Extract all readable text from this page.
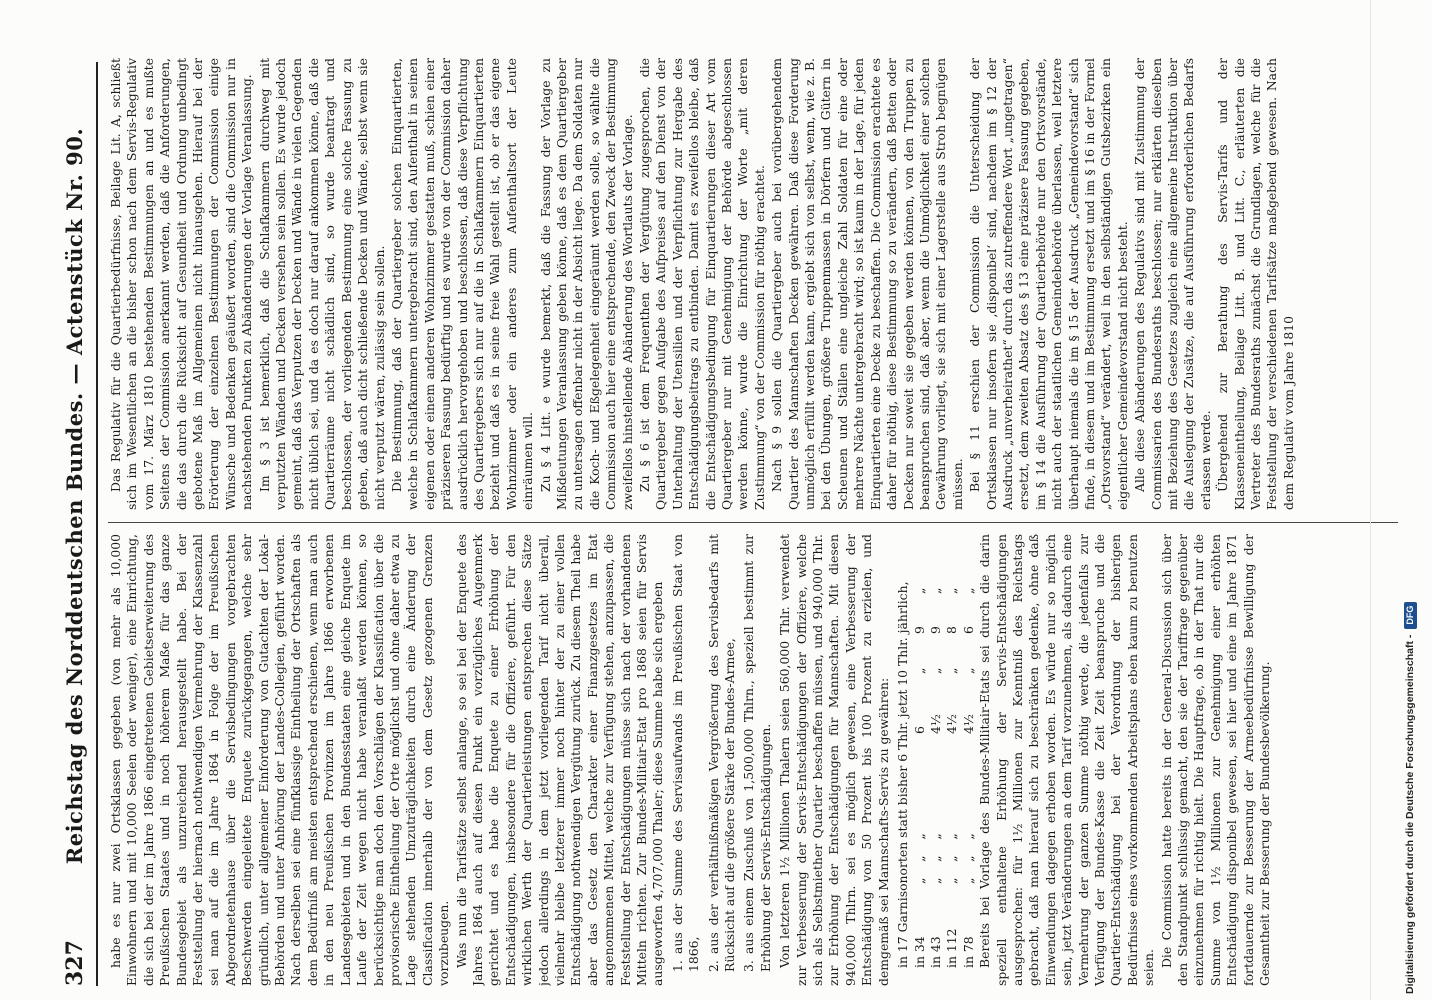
327
Reichstag des Norddeutschen Bundes. — Actenstück Nr. 90. habe es nur zwei Ortsklassen gegeben (von mehr als 10,000 Einwohnern und mit 10,000 Seelen oder weniger), eine Einrichtung, die sich bei der im Jahre 1866 eingetretenen Gebietserweiterung des Preußischen Staates und in noch höherem Maße für das ganze Bundesgebiet als unzureichend herausgestellt habe. Bei der Feststellung der hiernach nothwendigen Vermehrung der Klassenzahl sei man auf die im Jahre 1864 in Folge der im Preußischen Abgeordnetenhause über die Servisbedingungen vorgebrachten Beschwerden eingeleitete Enquete zurückgegangen, welche sehr gründlich, unter allgemeiner Einforderung von Gutachten der Lokal-Behörden und unter Anhörung der Landes-Collegien, geführt worden. Nach derselben sei eine fünfklassige Eintheilung der Ortschaften als dem Bedürfniß am meisten entsprechend erschienen, wenn man auch in den neu Preußischen Provinzen im Jahre 1866 erworbenen Landesgebieten und in den Bundesstaaten eine gleiche Enquete im Laufe der Zeit wegen nicht habe veranlaßt werden können, so berücksichtige man doch den Vorschlägen der Klassification über die provisorische Eintheilung der Orte möglichst und ohne daher etwa zu Lage stehenden Umzuträglichkeiten durch eine Änderung der Classification innerhalb der von dem Gesetz gezogenen Grenzen vorzubeugen. Was nun die Tarifsätze selbst anlange, so sei bei der Enquete des Jahres 1864 auch auf diesen Punkt ein vorzügliches Augenmerk gerichtet und es habe die Enquete zu einer Erhöhung der Entschädigungen, insbesondere für die Offiziere, geführt. Für den wirklichen Werth der Quartierleistungen entsprechen diese Sätze jedoch allerdings in dem jetzt vorliegenden Tarif nicht überall, vielmehr bleibe letzterer immer noch hinter der zu einer vollen Entschädigung nothwendigen Vergütung zurück. Zu diesem Theil habe aber das Gesetz den Charakter einer Finanzgesetzes im Etat angenommenen Mittel, welche zur Verfügung stehen, anzupassen, die Feststellung der Entschädigungen müsse sich nach der vorhandenen Mitteln richten. Zur Bundes-Militair-Etat pro 1868 seien für Servis ausgeworfen 4,707,000 Thaler; diese Summe habe sich ergeben 1.aus der Summe des Servisaufwands im Preußischen Staat von 1866, 2.aus der verhältnißmäßigen Vergrößerung des Servisbedarfs mit Rücksicht auf die größere Stärke der Bundes-Armee, 3.aus einem Zuschuß von 1,500,000 Thlrn., speziell bestimmt zur Erhöhung der Servis-Entschädigungen. Von letzteren 1½ Millionen Thalern seien 560,000 Thlr. verwendet zur Verbesserung der Servis-Entschädigungen der Offiziere, welche sich als Selbstmiether Quartier beschaffen müssen, und 940,000 Thlr. zur Erhöhung der Entschädigungen für Mannschaften. Mit diesen 940,000 Thlrn. sei es möglich gewesen, eine Verbesserung der Entschädigung von 50 Prozent bis 100 Prozent zu erzielen, und demgemäß sei Mannschafts-Servis zu gewähren: in 17 Garnisonorten statt bisher 6 Thlr. jetzt 10 Thlr. jährlich, in 34
„    „    „
6
„
9
„
in 43
„    „    „
4½
„
9
„
in 112
„    „    „
4½
„
8
„
in 78
„    „    „
4½
„
6
„ Bereits bei Vorlage des Bundes-Militair-Etats sei durch die darin speziell enthaltene Erhöhung der Servis-Entschädigungen ausgesprochen: für 1½ Millionen zur Kenntniß des Reichstags gebracht, daß man hierauf sich zu beschränken gedenke, ohne daß Einwendungen dagegen erhoben worden. Es würde nur so möglich sein, jetzt Veränderungen an dem Tarif vorzunehmen, als dadurch eine Vermehrung der ganzen Summe nöthig werde, die jedenfalls zur Verfügung der Bundes-Kasse die Zeit Zeit beanspruche und die Quartier-Entschädigung bei der Verordnung der bisherigen Bedürfnisse eines vorkommenden Arbeitsplans eben kaum zu benutzen seien. Die Commission hatte bereits in der General-Discussion sich über den Standpunkt schlüssig gemacht, den sie der Tariffrage gegenüber einzunehmen für richtig hielt. Die Hauptfrage, ob in der That nur die Summe von 1½ Millionen zur Genehmigung einer erhöhten Entschädigung disponibel gewesen, sei hier und eine im Jahre 1871 fortdauernde zur Besserung der Armeebedürfnisse Bewilligung der Gesamtheit zur Besserung der Bundesbevölkerung.

Das Regulativ für die Quartierbedürfnisse, Beilage Lit. A, schließt sich im Wesentlichen an die bisher schon nach dem Servis-Regulativ vom 17. März 1810 bestehenden Bestimmungen an und es mußte Seitens der Commission anerkannt werden, daß die Anforderungen, die das durch die Rücksicht auf Gesundheit und Ordnung unbedingt gebotene Maß im Allgemeinen nicht hinausgehen. Hierauf bei der Erörterung der einzelnen Bestimmungen der Commission einige Wünsche und Bedenken geäußert worden, sind die Commission nur in nachstehenden Punkten zu Abänderungen der Vorlage Veranlassung. Im § 3 ist bemerklich, daß die Schlafkammern durchweg mit verputzten Wänden und Decken versehen sein sollen. Es wurde jedoch gemeint, daß das Verputzen der Decken und Wände in vielen Gegenden nicht üblich sei, und da es doch nur darauf ankommen könne, daß die Quartierräume nicht schädlich sind, so wurde beantragt und beschlossen, der vorliegenden Bestimmung eine solche Fassung zu geben, daß auch dicht schließende Decken und Wände, selbst wenn sie nicht verputzt wären, zulässig sein sollen. Die Bestimmung, daß der Quartiergeber solchen Einquartierten, welche in Schlafkammern untergebracht sind, den Aufenthalt in seinen eigenen oder einem anderen Wohnzimmer gestatten muß, schien einer präziseren Fassung bedürftig und es wurde von der Commission daher ausdrücklich hervorgehoben und beschlossen, daß diese Verpflichtung des Quartiergebers sich nur auf die in Schlafkammern Einquartierten bezieht und daß es in seine freie Wahl gestellt ist, ob er das eigene Wohnzimmer oder ein anderes zum Aufenthaltsort der Leute einräumen will. Zu § 4 Litt. e wurde bemerkt, daß die Fassung der Vorlage zu Mißdeutungen Veranlassung geben könne, daß es dem Quartiergeber zu untersagen offenbar nicht in der Absicht liege. Da dem Soldaten nur die Koch- und Eßgelegenheit eingeräumt werden solle, so wählte die Commission auch hier eine entsprechende, den Zweck der Bestimmung zweifellos hinstellende Abänderung des Wortlauts der Vorlage. Zu § 6 ist dem Frequenthen der Vergütung zugesprochen, die Quartiergeber gegen Aufgabe des Aufpreises auf den Dienst von der Unterhaltung der Utensilien und der Verpflichtung zur Hergabe des Entschädigungsbeitrags zu entbinden. Damit es zweifellos bleibe, daß die Entschädigungsbedingung für Einquartierungen dieser Art vom Quartiergeber nur mit Genehmigung der Behörde abgeschlossen werden könne, wurde die Einrichtung der Worte „mit deren Zustimmung“ von der Commission für nöthig erachtet. Nach § 9 sollen die Quartiergeber auch bei vorübergehendem Quartier des Mannschaften Decken gewähren. Daß diese Forderung unmöglich erfüllt werden kann, ergiebt sich von selbst, wenn, wie z. B. bei den Übungen, größere Truppenmassen in Dörfern und Gütern in Scheunen und Ställen eine ungleiche Zahl Soldaten für eine oder mehrere Nächte untergebracht wird; so ist kaum in der Lage, für jeden Einquartierten eine Decke zu beschaffen. Die Commission erachtete es daher für nöthig, diese Bestimmung so zu verändern, daß Betten oder Decken nur soweit sie gegeben werden können, von den Truppen zu beanspruchen sind, daß aber, wenn die Unmöglichkeit einer solchen Gewährung vorliegt, sie sich mit einer Lagerstelle aus Stroh begnügen müssen. Bei § 11 erschien der Commission die Unterscheidung der Ortsklassen nur insofern sie ,disponibel‘ sind, nachdem im § 12 der Ausdruck „unverheirathet“ durch das zutreffendere Wort „ungetragen“ ersetzt, dem zweiten Absatz des § 13 eine präzisere Fassung gegeben, im § 14 die Ausführung der Quartierbehörde nur den Ortsvorstände, nicht auch der staatlichen Gemeindebehörde überlassen, weil letztere überhaupt niemals die im § 15 der Ausdruck „Gemeindevorstand“ sich finde, in diesem und im Bestimmung ersetzt und im § 16 in der Formel „Ortsvorstand“ verändert, weil in den selbständigen Gutsbezirken ein eigentlicher Gemeindevorstand nicht besteht. Alle diese Abänderungen des Regulativs sind mit Zustimmung der Commissarien des Bundesraths beschlossen; nur erklärten dieselben mit Beziehung des Gesetzes zugleich eine allgemeine Instruktion über die Auslegung der Zusätze, die auf Ausführung erforderlichen Bedarfs erlassen werde. Übergehend zur Berathung des Servis-Tarifs und der Klasseneintheilung, Beilage Litt. B. und Litt. C., erläuterten die Vertreter des Bundesraths zunächst die Grundlagen, welche für die Feststellung der verschiedenen Tarifsätze maßgebend gewesen. Nach dem Regulativ vom Jahre 1810

Digitalisierung gefördert durch die Deutsche Forschungsgemeinschaft -DFG
